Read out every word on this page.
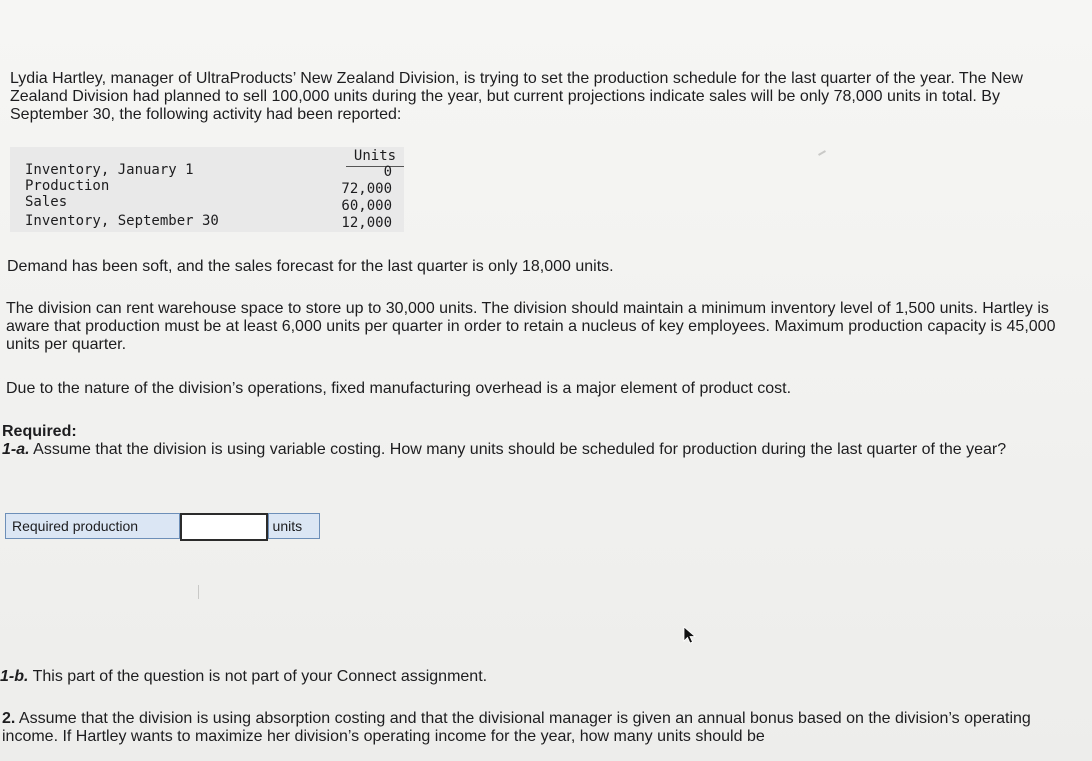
Lydia Hartley, manager of UltraProducts’ New Zealand Division, is trying to set the production schedule for the last quarter of the year. The New Zealand Division had planned to sell 100,000 units during the year, but current projections indicate sales will be only 78,000 units in total. By September 30, the following activity had been reported:

Units
Inventory, January 1	0
Production	72,000
Sales	60,000
Inventory, September 30	12,000

Demand has been soft, and the sales forecast for the last quarter is only 18,000 units.

The division can rent warehouse space to store up to 30,000 units. The division should maintain a minimum inventory level of 1,500 units. Hartley is aware that production must be at least 6,000 units per quarter in order to retain a nucleus of key employees. Maximum production capacity is 45,000 units per quarter.

Due to the nature of the division’s operations, fixed manufacturing overhead is a major element of product cost.

Required:
1-a. Assume that the division is using variable costing. How many units should be scheduled for production during the last quarter of the year?
Required production	units
1-b. This part of the question is not part of your Connect assignment.
2. Assume that the division is using absorption costing and that the divisional manager is given an annual bonus based on the division’s operating income. If Hartley wants to maximize her division’s operating income for the year, how many units should be
